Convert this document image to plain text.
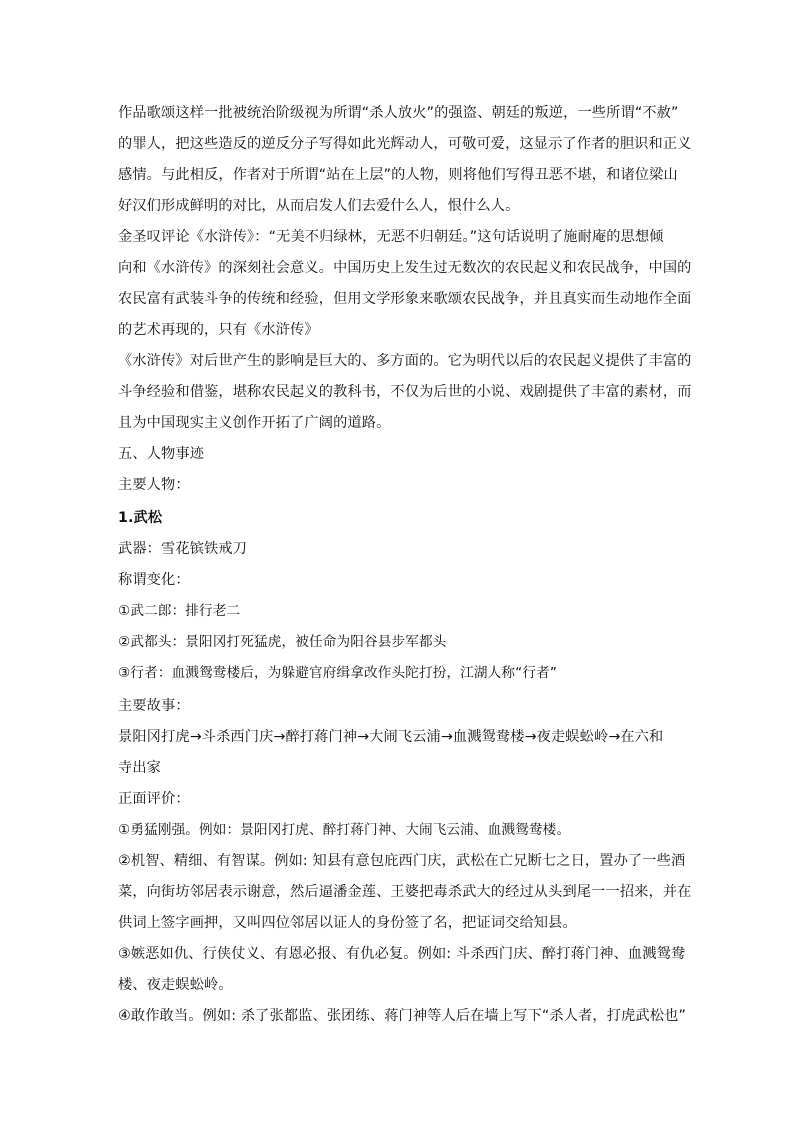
作品歌颂这样一批被统治阶级视为所谓“杀人放火”的强盗、朝廷的叛逆，一些所谓“不赦”
的罪人，把这些造反的逆反分子写得如此光辉动人，可敬可爱，这显示了作者的胆识和正义
感情。与此相反，作者对于所谓“站在上层”的人物，则将他们写得丑恶不堪，和诸位梁山
好汉们形成鲜明的对比，从而启发人们去爱什么人，恨什么人。
金圣叹评论《水浒传》：“无美不归绿林，无恶不归朝廷。”这句话说明了施耐庵的思想倾
向和《水浒传》的深刻社会意义。中国历史上发生过无数次的农民起义和农民战争，中国的
农民富有武装斗争的传统和经验，但用文学形象来歌颂农民战争，并且真实而生动地作全面
的艺术再现的，只有《水浒传》
《水浒传》对后世产生的影响是巨大的、多方面的。它为明代以后的农民起义提供了丰富的
斗争经验和借鉴，堪称农民起义的教科书，不仅为后世的小说、戏剧提供了丰富的素材，而
且为中国现实主义创作开拓了广阔的道路。
五、人物事迹
主要人物：
1.武松
武器：雪花镔铁戒刀
称谓变化：
①武二郎：排行老二
②武都头：景阳冈打死猛虎，被任命为阳谷县步军都头
③行者：血溅鸳鸯楼后，为躲避官府缉拿改作头陀打扮，江湖人称“行者”
主要故事：
景阳冈打虎→斗杀西门庆→醉打蒋门神→大闹飞云浦→血溅鸳鸯楼→夜走蜈蚣岭→在六和
寺出家
正面评价：
①勇猛刚强。例如：景阳冈打虎、醉打蒋门神、大闹飞云浦、血溅鸳鸯楼。
②机智、精细、有智谋。例如: 知县有意包庇西门庆，武松在亡兄断七之日，置办了一些酒
菜，向街坊邻居表示谢意，然后逼潘金莲、王婆把毒杀武大的经过从头到尾一一招来，并在
供词上签字画押，又叫四位邻居以证人的身份签了名，把证词交给知县。
③嫉恶如仇、行侠仗义、有恩必报、有仇必复。例如: 斗杀西门庆、醉打蒋门神、血溅鸳鸯
楼、夜走蜈蚣岭。
④敢作敢当。例如: 杀了张都监、张团练、蒋门神等人后在墙上写下“杀人者，打虎武松也”
